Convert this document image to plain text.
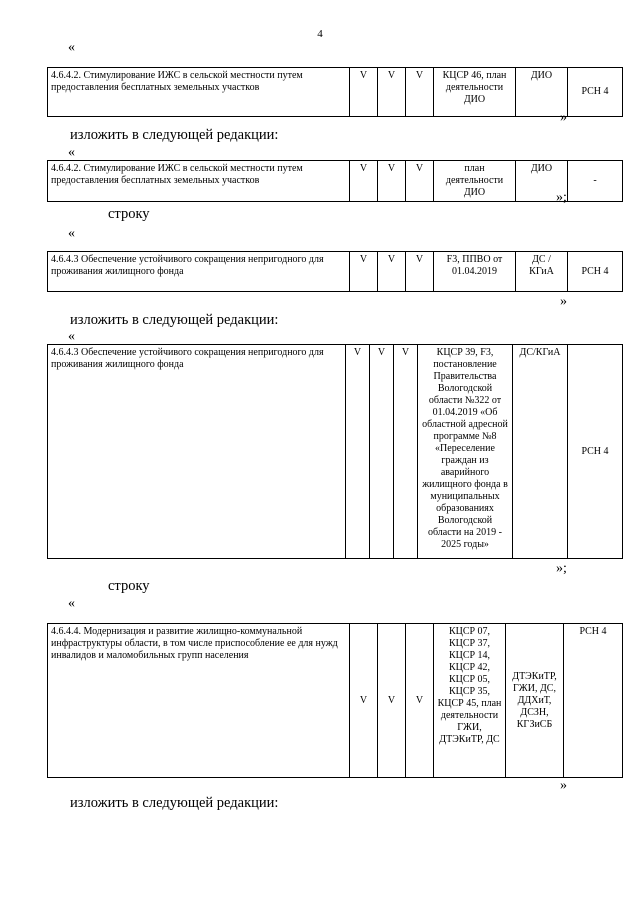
4
«
4.6.4.2. Стимулирование ИЖС в сельской местности путем предоставления бесплатных земельных участков	V	V	V	КЦСР 46, план деятельности ДИО	ДИО	РСН 4
»
изложить в следующей редакции:
«
4.6.4.2. Стимулирование ИЖС в сельской местности путем предоставления бесплатных земельных участков	V	V	V	план деятельности ДИО	ДИО	-
»;
строку
«
4.6.4.3 Обеспечение устойчивого сокращения непригодного для проживания жилищного фонда	V	V	V	F3, ППВО от 01.04.2019	ДС / КГиА	РСН 4
»
изложить в следующей редакции:
«
4.6.4.3 Обеспечение устойчивого сокращения непригодного для проживания жилищного фонда	V	V	V	КЦСР 39, F3, постановление Правительства Вологодской области №322 от 01.04.2019 «Об областной адресной программе №8 «Переселение граждан из аварийного жилищного фонда в муниципальных образованиях Вологодской области на 2019 - 2025 годы»	ДС/КГиА	РСН 4
»;
строку
«
4.6.4.4. Модернизация и развитие жилищно-коммунальной инфраструктуры области, в том числе приспособление ее для нужд инвалидов и маломобильных групп населения	V	V	V	КЦСР 07, КЦСР 37, КЦСР 14, КЦСР 42, КЦСР 05, КЦСР 35, КЦСР 45, план деятельности ГЖИ, ДТЭКиТР, ДС	ДТЭКиТР, ГЖИ, ДС, ДДХиТ, ДСЗН, КГЗиСБ	РСН 4
»
изложить в следующей редакции:
